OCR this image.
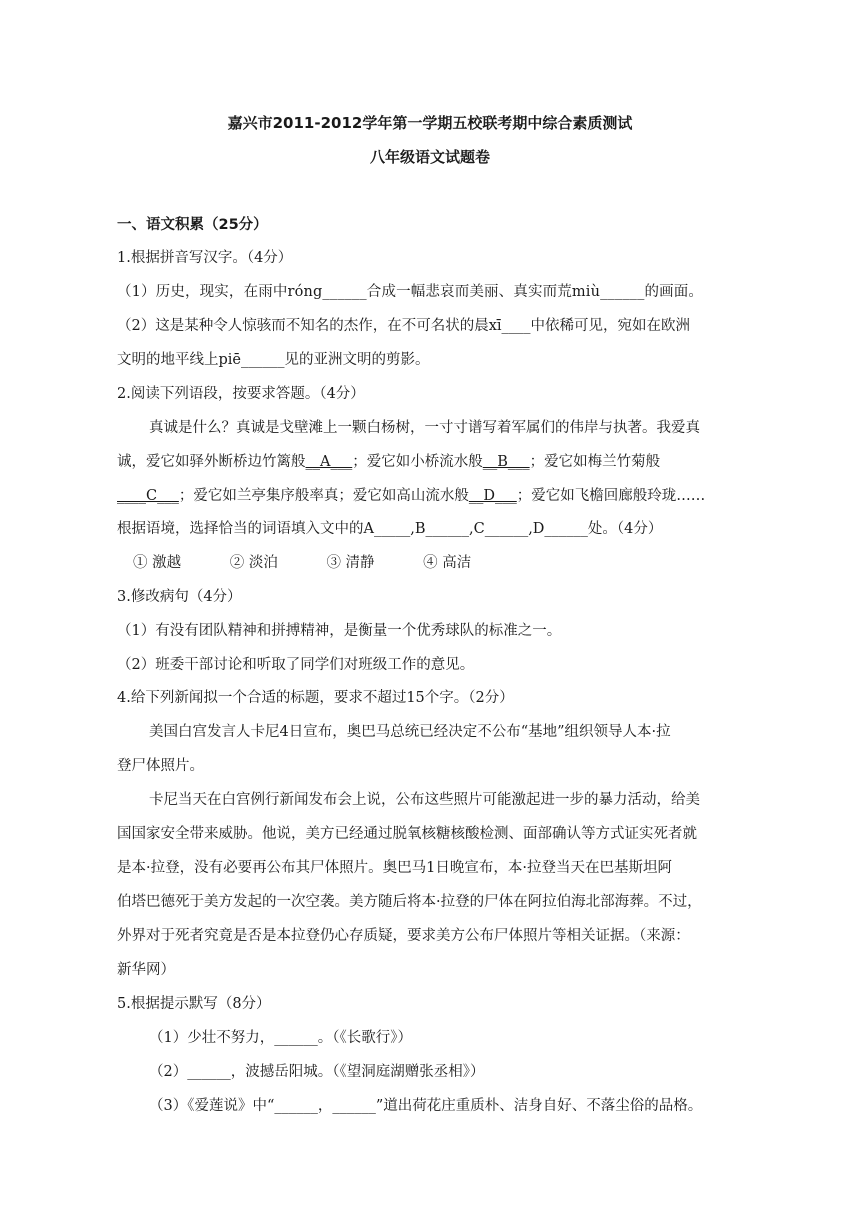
嘉兴市2011-2012学年第一学期五校联考期中综合素质测试
八年级语文试题卷
一、语文积累（25分）
1.根据拼音写汉字。（4分）
（1）历史，现实，在雨中róng______合成一幅悲哀而美丽、真实而荒miù______的画面。
（2）这是某种令人惊骇而不知名的杰作，在不可名状的晨xī____中依稀可见，宛如在欧洲
文明的地平线上piē______见的亚洲文明的剪影。
2.阅读下列语段，按要求答题。（4分）
真诚是什么？真诚是戈壁滩上一颗白杨树，一寸寸谱写着军属们的伟岸与执著。我爱真
诚，爱它如驿外断桥边竹篱般__A___；爱它如小桥流水般__B___；爱它如梅兰竹菊般
____C___；爱它如兰亭集序般率真；爱它如高山流水般__D___；爱它如飞檐回廊般玲珑……
根据语境，选择恰当的词语填入文中的A_____,B______,C______,D______处。（4分）
① 激越	② 淡泊	③ 清静	④ 高洁
3.修改病句（4分）
（1）有没有团队精神和拼搏精神，是衡量一个优秀球队的标准之一。
（2）班委干部讨论和听取了同学们对班级工作的意见。
4.给下列新闻拟一个合适的标题，要求不超过15个字。（2分）
美国白宫发言人卡尼4日宣布，奥巴马总统已经决定不公布“基地”组织领导人本·拉
登尸体照片。
卡尼当天在白宫例行新闻发布会上说，公布这些照片可能激起进一步的暴力活动，给美
国国家安全带来威胁。他说，美方已经通过脱氧核糖核酸检测、面部确认等方式证实死者就
是本·拉登，没有必要再公布其尸体照片。奥巴马1日晚宣布，本·拉登当天在巴基斯坦阿
伯塔巴德死于美方发起的一次空袭。美方随后将本·拉登的尸体在阿拉伯海北部海葬。不过，
外界对于死者究竟是否是本拉登仍心存质疑，要求美方公布尸体照片等相关证据。（来源：
新华网）
5.根据提示默写（8分）
（1）少壮不努力，______。（《长歌行》）
（2）______，波撼岳阳城。（《望洞庭湖赠张丞相》）
（3）《爱莲说》中“______，______”道出荷花庄重质朴、洁身自好、不落尘俗的品格。
